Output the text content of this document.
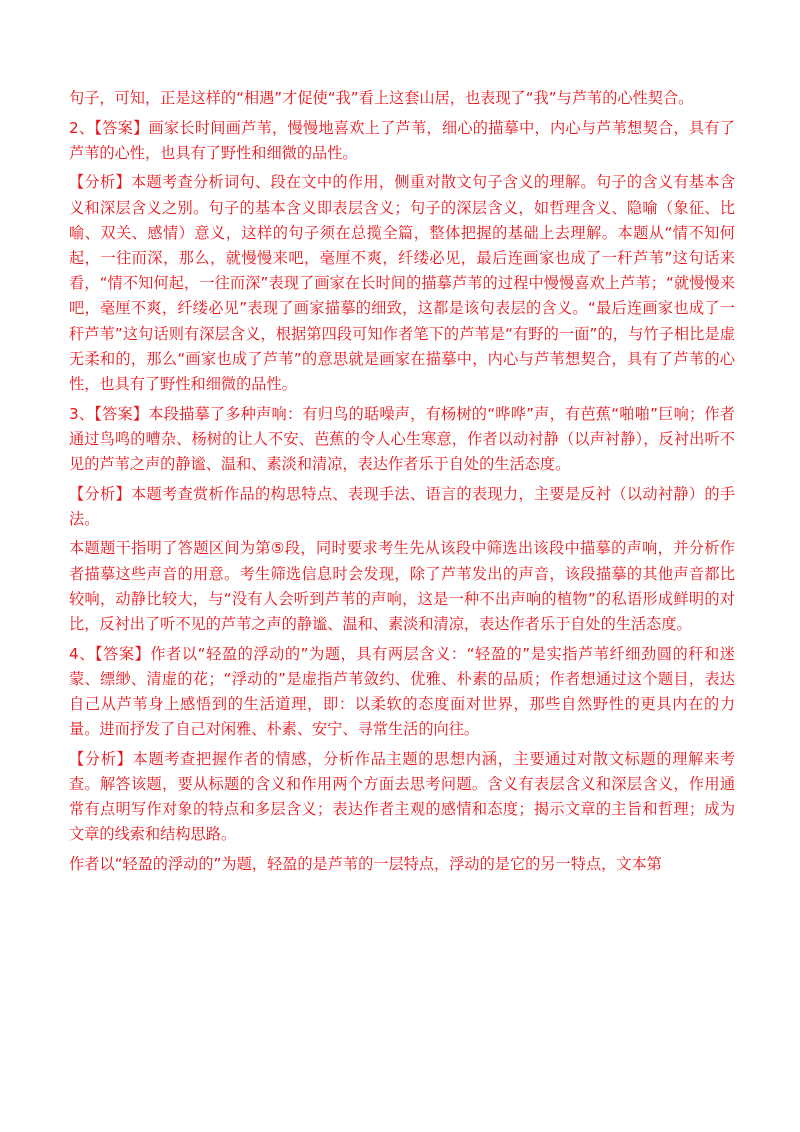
句子，可知，正是这样的“相遇”才促使“我”看上这套山居，也表现了“我”与芦苇的心性契合。

2、【答案】画家长时间画芦苇，慢慢地喜欢上了芦苇，细心的描摹中，内心与芦苇想契合，具有了芦苇的心性，也具有了野性和细微的品性。

【分析】本题考查分析词句、段在文中的作用，侧重对散文句子含义的理解。句子的含义有基本含义和深层含义之别。句子的基本含义即表层含义；句子的深层含义，如哲理含义、隐喻（象征、比喻、双关、感情）意义，这样的句子须在总揽全篇，整体把握的基础上去理解。本题从“情不知何起，一往而深，那么，就慢慢来吧，毫厘不爽，纤缕必见，最后连画家也成了一秆芦苇”这句话来看，“情不知何起，一往而深”表现了画家在长时间的描摹芦苇的过程中慢慢喜欢上芦苇；“就慢慢来吧，毫厘不爽，纤缕必见”表现了画家描摹的细致，这都是该句表层的含义。“最后连画家也成了一秆芦苇”这句话则有深层含义，根据第四段可知作者笔下的芦苇是“有野的一面”的，与竹子相比是虚无柔和的，那么“画家也成了芦苇”的意思就是画家在描摹中，内心与芦苇想契合，具有了芦苇的心性，也具有了野性和细微的品性。

3、【答案】本段描摹了多种声响：有归鸟的聒噪声，有杨树的“哗哗”声，有芭蕉“啪啪”巨响；作者通过鸟鸣的嘈杂、杨树的让人不安、芭蕉的令人心生寒意，作者以动衬静（以声衬静），反衬出听不见的芦苇之声的静谧、温和、素淡和清凉，表达作者乐于自处的生活态度。

【分析】本题考查赏析作品的构思特点、表现手法、语言的表现力，主要是反衬（以动衬静）的手法。

本题题干指明了答题区间为第⑤段，同时要求考生先从该段中筛选出该段中描摹的声响，并分析作者描摹这些声音的用意。考生筛选信息时会发现，除了芦苇发出的声音，该段描摹的其他声音都比较响，动静比较大，与“没有人会听到芦苇的声响，这是一种不出声响的植物”的私语形成鲜明的对比，反衬出了听不见的芦苇之声的静谧、温和、素淡和清凉，表达作者乐于自处的生活态度。

4、【答案】作者以“轻盈的浮动的”为题，具有两层含义：“轻盈的”是实指芦苇纤细劲圆的秆和迷蒙、缥缈、清虚的花；“浮动的”是虚指芦苇敛约、优雅、朴素的品质；作者想通过这个题目，表达自己从芦苇身上感悟到的生活道理，即：以柔软的态度面对世界，那些自然野性的更具内在的力量。进而抒发了自己对闲雅、朴素、安宁、寻常生活的向往。

【分析】本题考查把握作者的情感，分析作品主题的思想内涵，主要通过对散文标题的理解来考查。解答该题，要从标题的含义和作用两个方面去思考问题。含义有表层含义和深层含义，作用通常有点明写作对象的特点和多层含义；表达作者主观的感情和态度；揭示文章的主旨和哲理；成为文章的线索和结构思路。

作者以“轻盈的浮动的”为题，轻盈的是芦苇的一层特点，浮动的是它的另一特点，文本第
